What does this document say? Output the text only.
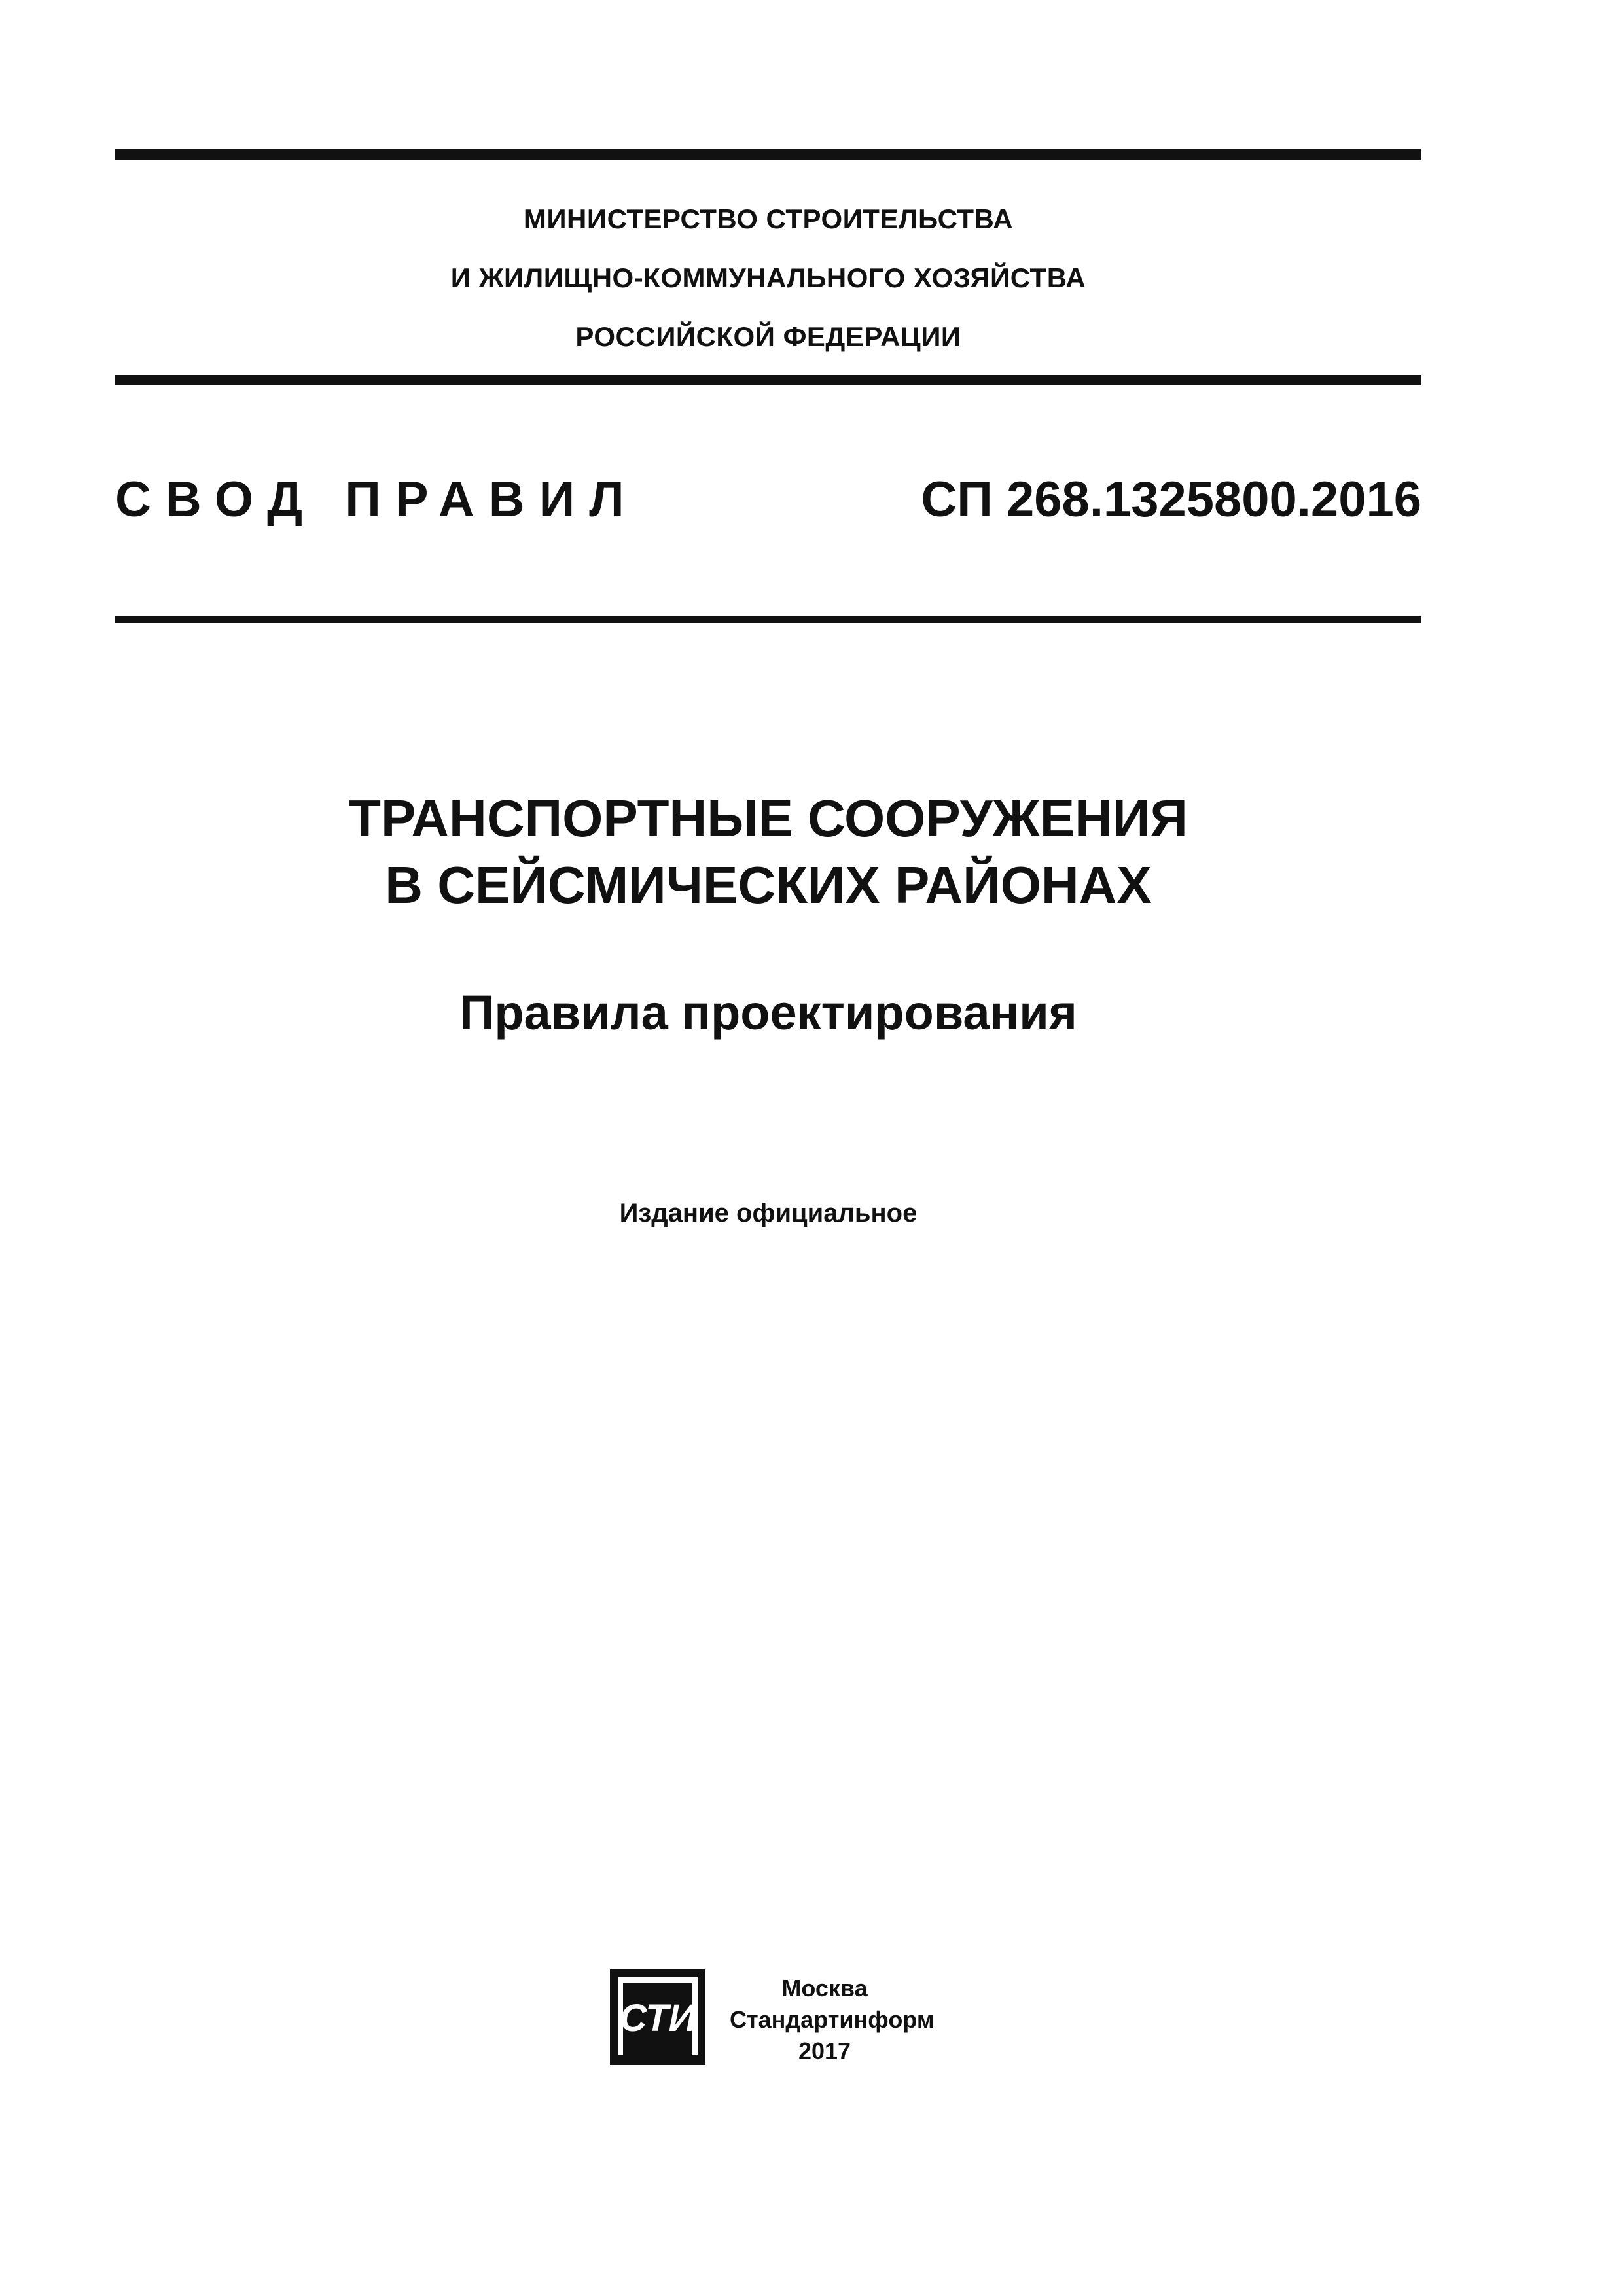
МИНИСТЕРСТВО СТРОИТЕЛЬСТВА
И ЖИЛИЩНО-КОММУНАЛЬНОГО ХОЗЯЙСТВА
РОССИЙСКОЙ ФЕДЕРАЦИИ
СВОД ПРАВИЛ	СП 268.1325800.2016
ТРАНСПОРТНЫЕ СООРУЖЕНИЯ
В СЕЙСМИЧЕСКИХ РАЙОНАХ
Правила проектирования
Издание официальное
СТИ
Москва
Стандартинформ
2017
